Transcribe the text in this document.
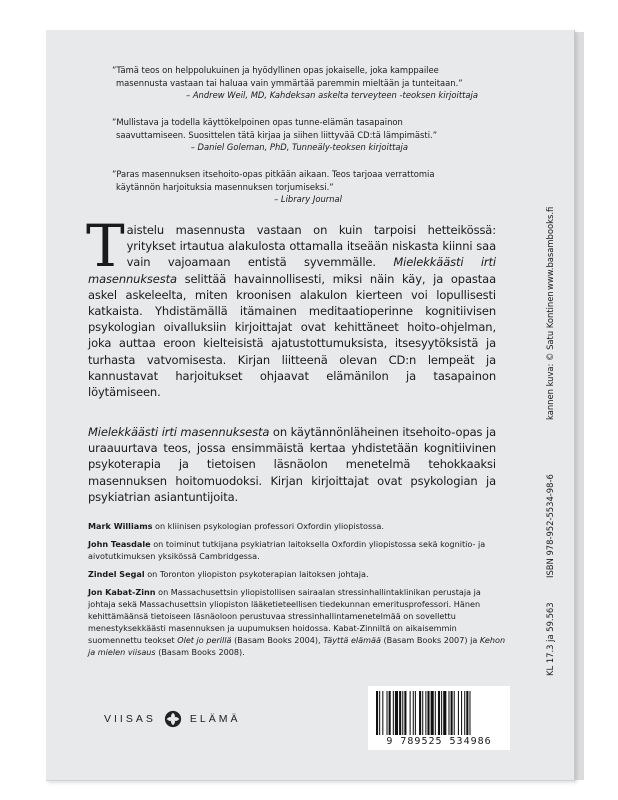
”Tämä teos on helppolukuinen ja hyödyllinen opas jokaiselle, joka kamppailee
masennusta vastaan tai haluaa vain ymmärtää paremmin mieltään ja tunteitaan.”
– Andrew Weil, MD, Kahdeksan askelta terveyteen -teoksen kirjoittaja
”Mullistava ja todella käyttökelpoinen opas tunne-elämän tasapainon
saavuttamiseen. Suosittelen tätä kirjaa ja siihen liittyvää CD:tä lämpimästi.”
– Daniel Goleman, PhD, Tunneäly-teoksen kirjoittaja
”Paras masennuksen itsehoito-opas pitkään aikaan. Teos tarjoaa verrattomia
käytännön harjoituksia masennuksen torjumiseksi.”
– Library Journal
Taistelu masennusta vastaan on kuin tarpoisi hetteikössä: yritykset irtautua alakulosta ottamalla itseään niskasta kiinni saa vain vajoamaan entistä syvemmälle. Mielekkäästi irti masennuksesta selittää havainnollisesti, miksi näin käy, ja opastaa askel askeleelta, miten kroonisen alakulon kierteen voi lopullisesti katkaista. Yhdistämällä itämainen meditaatioperinne kognitiivisen psykologian oivalluksiin kirjoittajat ovat kehittäneet hoito-ohjelman, joka auttaa eroon kielteisistä ajatustottumuksista, itsesyytöksistä ja turhasta vatvomisesta. Kirjan liitteenä olevan CD:n lempeät ja kannustavat harjoitukset ohjaavat elämänilon ja tasapainon löytämiseen.
Mielekkäästi irti masennuksesta on käytännönläheinen itsehoito-opas ja uraauurtava teos, jossa ensimmäistä kertaa yhdistetään kognitiivinen psykoterapia ja tietoisen läsnäolon menetelmä tehokkaaksi masennuksen hoitomuodoksi. Kirjan kirjoittajat ovat psykologian ja psykiatrian asiantuntijoita.
Mark Williams on kliinisen psykologian professori Oxfordin yliopistossa.
John Teasdale on toiminut tutkijana psykiatrian laitoksella Oxfordin yliopistossa sekä kognitio- ja aivotutkimuksen yksikössä Cambridgessa.
Zindel Segal on Toronton yliopiston psykoterapian laitoksen johtaja.
Jon Kabat-Zinn on Massachusettsin yliopistollisen sairaalan stressinhallintaklinikan perustaja ja johtaja sekä Massachusettsin yliopiston lääketieteellisen tiedekunnan emeritusprofessori. Hänen kehittämäänsä tietoiseen läsnäoloon perustuvaa stressinhallintamenetelmää on sovellettu menestyksekkäästi masennuksen ja uupumuksen hoidossa. Kabat-Zinniltä on aikaisemmin suomennettu teokset Olet jo perillä (Basam Books 2004), Täyttä elämää (Basam Books 2007) ja Kehon ja mielen viisaus (Basam Books 2008).
www.basambooks.fi
kannen kuva: © Satu Kontinen
ISBN 978-952-5534-98-6
KL 17.3 ja 59.563
VIISAS	ELÄMÄ
9 789525 534986
